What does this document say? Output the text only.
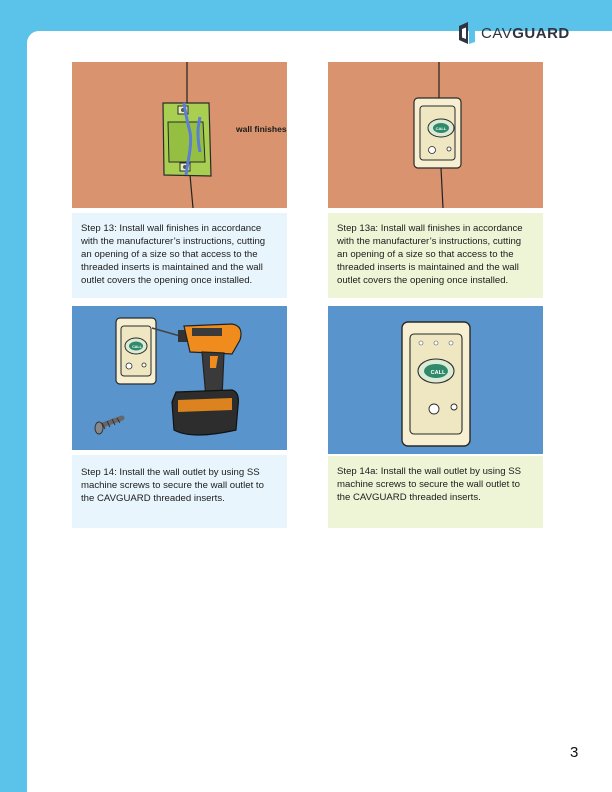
CAVGUARD
wall finishes
Step 13: Install wall finishes in accordance with the manufacturer’s instructions, cutting an opening of a size so that access to the threaded inserts is maintained and the wall outlet covers the opening once installed.
CALL
Step 13a: Install wall finishes in accordance with the manufacturer’s instructions, cutting an opening of a size so that access to the threaded inserts is maintained and the wall outlet covers the opening once installed.
CALL
Step 14: Install the wall outlet by using SS machine screws to secure the wall outlet to the CAVGUARD threaded inserts.
CALL
Step 14a: Install the wall outlet by using SS machine screws to secure the wall outlet to the CAVGUARD threaded inserts.
3
